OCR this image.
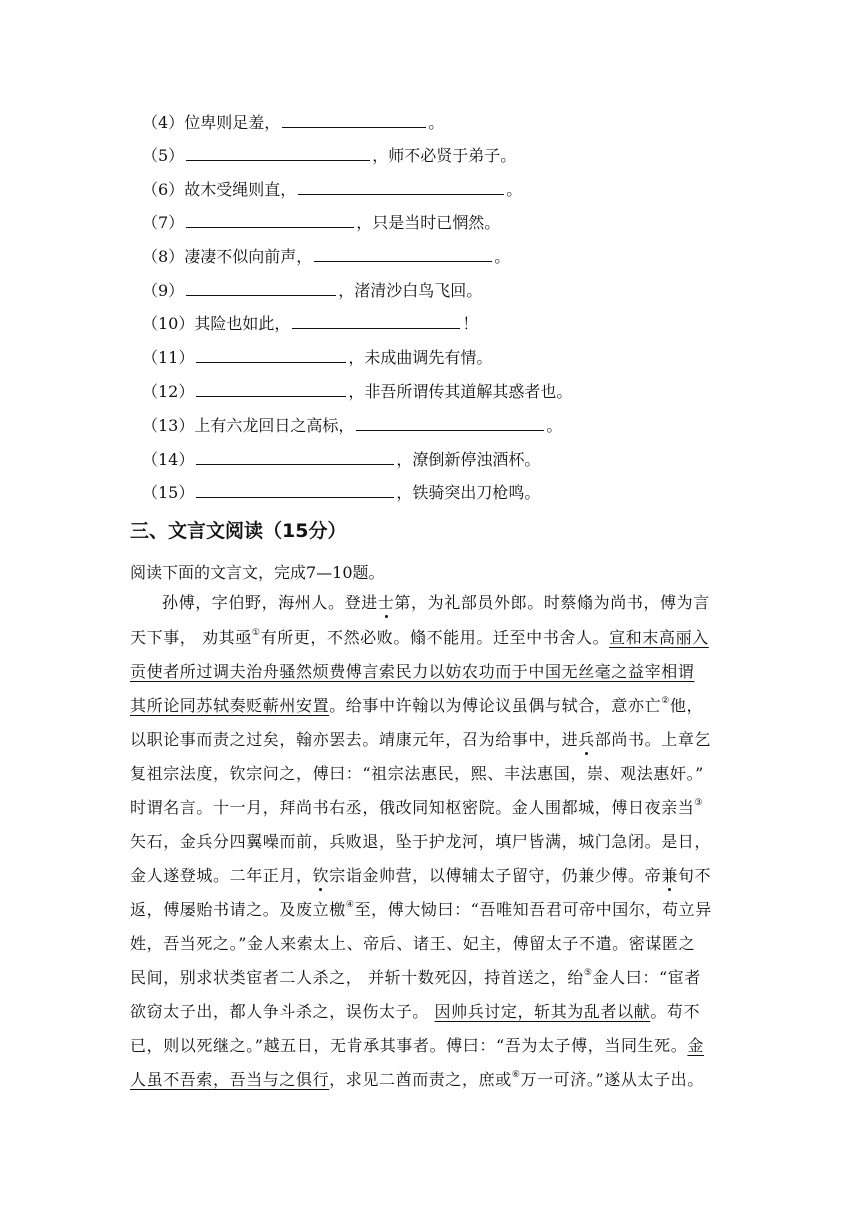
（4）位卑则足羞，	。
（5）	，师不必贤于弟子。
（6）故木受绳则直，	。
（7）	，只是当时已惘然。
（8）凄凄不似向前声，	。
（9）	，渚清沙白鸟飞回。
（10）其险也如此，	！
（11）	，未成曲调先有情。
（12）	，非吾所谓传其道解其惑者也。
（13）上有六龙回日之高标，	。
（14）	，潦倒新停浊酒杯。
（15）	，铁骑突出刀枪鸣。
三、文言文阅读（15分）
阅读下面的文言文，完成7—10题。
孙傅，字伯野，海州人。登进士第，为礼部员外郎。时蔡翛为尚书，傅为言
天下事， 劝其亟①有所更，不然必败。翛不能用。迁至中书舍人。宣和末高丽入
贡使者所过调夫治舟骚然烦费傅言索民力以妨农功而于中国无丝毫之益宰相谓
其所论同苏轼奏贬蕲州安置。给事中许翰以为傅论议虽偶与轼合，意亦亡②他，
以职论事而责之过矣，翰亦罢去。靖康元年，召为给事中，进兵部尚书。上章乞
复祖宗法度，钦宗问之，傅曰：“祖宗法惠民，熙、丰法惠国，崇、观法惠奸。”
时谓名言。十一月，拜尚书右丞，俄改同知枢密院。金人围都城，傅日夜亲当③
矢石，金兵分四翼噪而前，兵败退，坠于护龙河，填尸皆满，城门急闭。是日，
金人遂登城。二年正月，钦宗诣金帅营，以傅辅太子留守，仍兼少傅。帝兼旬不
返，傅屡贻书请之。及废立檄④至，傅大恸曰：“吾唯知吾君可帝中国尔，苟立异
姓，吾当死之。”金人来索太上、帝后、诸王、妃主，傅留太子不遣。密谋匿之
民间，别求状类宦者二人杀之， 并斩十数死囚，持首送之，绐⑤金人曰：“宦者
欲窃太子出，都人争斗杀之，误伤太子。 因帅兵讨定，斩其为乱者以献。苟不
已，则以死继之。”越五日，无肯承其事者。傅曰：“吾为太子傅，当同生死。金
人虽不吾索，吾当与之俱行，求见二酋而责之，庶或⑥万一可济。”遂从太子出。
